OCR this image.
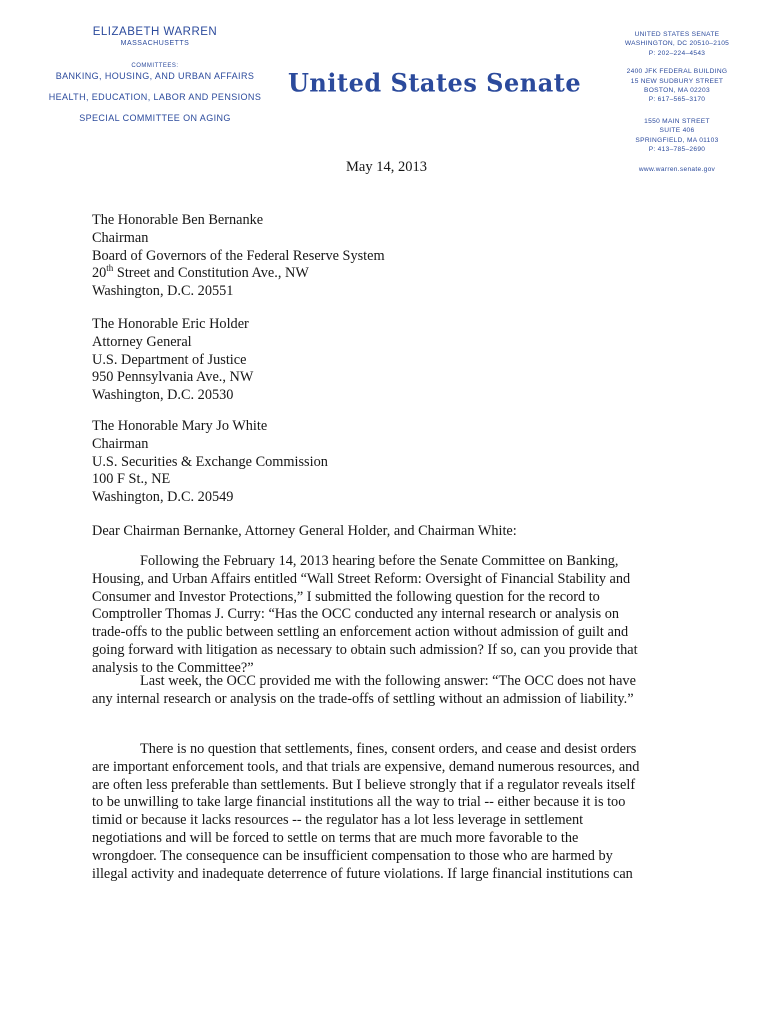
ELIZABETH WARREN
MASSACHUSETTS
COMMITTEES:
BANKING, HOUSING, AND URBAN AFFAIRS
HEALTH, EDUCATION, LABOR AND PENSIONS
SPECIAL COMMITTEE ON AGING
United States Senate
UNITED STATES SENATE
WASHINGTON, DC 20510–2105
P: 202–224–4543
2400 JFK FEDERAL BUILDING
15 NEW SUDBURY STREET
BOSTON, MA 02203
P: 617–565–3170
1550 MAIN STREET
SUITE 406
SPRINGFIELD, MA 01103
P: 413–785–2690
www.warren.senate.gov
May 14, 2013
The Honorable Ben Bernanke
Chairman
Board of Governors of the Federal Reserve System
20th Street and Constitution Ave., NW
Washington, D.C. 20551
The Honorable Eric Holder
Attorney General
U.S. Department of Justice
950 Pennsylvania Ave., NW
Washington, D.C. 20530
The Honorable Mary Jo White
Chairman
U.S. Securities & Exchange Commission
100 F St., NE
Washington, D.C. 20549
Dear Chairman Bernanke, Attorney General Holder, and Chairman White:
Following the February 14, 2013 hearing before the Senate Committee on Banking,
Housing, and Urban Affairs entitled “Wall Street Reform: Oversight of Financial Stability and
Consumer and Investor Protections,” I submitted the following question for the record to
Comptroller Thomas J. Curry: “Has the OCC conducted any internal research or analysis on
trade-offs to the public between settling an enforcement action without admission of guilt and
going forward with litigation as necessary to obtain such admission? If so, can you provide that
analysis to the Committee?”
Last week, the OCC provided me with the following answer: “The OCC does not have
any internal research or analysis on the trade-offs of settling without an admission of liability.”
There is no question that settlements, fines, consent orders, and cease and desist orders
are important enforcement tools, and that trials are expensive, demand numerous resources, and
are often less preferable than settlements. But I believe strongly that if a regulator reveals itself
to be unwilling to take large financial institutions all the way to trial -- either because it is too
timid or because it lacks resources -- the regulator has a lot less leverage in settlement
negotiations and will be forced to settle on terms that are much more favorable to the
wrongdoer. The consequence can be insufficient compensation to those who are harmed by
illegal activity and inadequate deterrence of future violations. If large financial institutions can
